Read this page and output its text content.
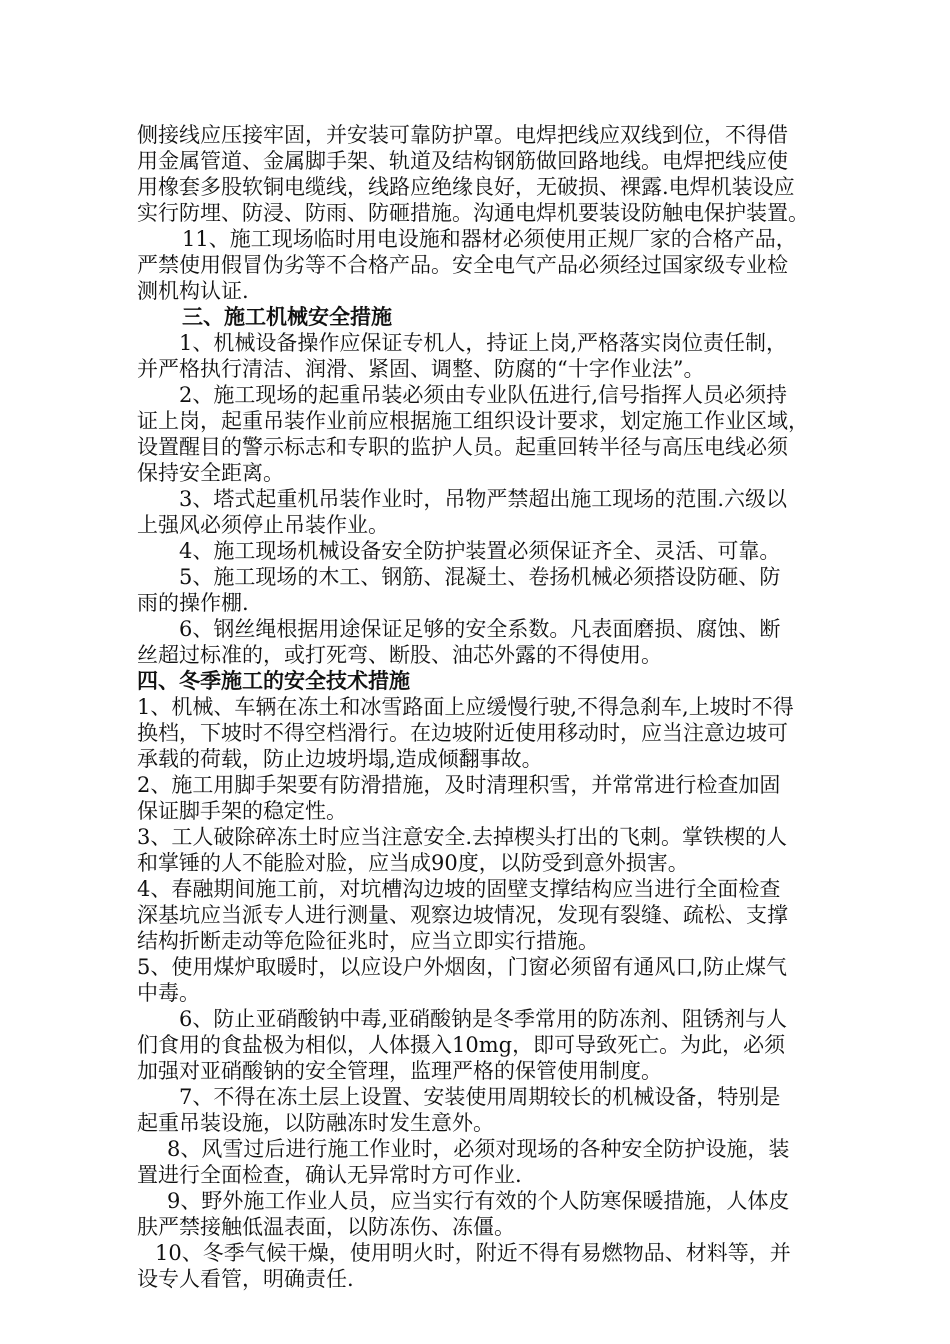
侧接线应压接牢固，并安装可靠防护罩。电焊把线应双线到位，不得借
用金属管道、金属脚手架、轨道及结构钢筋做回路地线。电焊把线应使
用橡套多股软铜电缆线，线路应绝缘良好，无破损、裸露.电焊机装设应
实行防埋、防浸、防雨、防砸措施。沟通电焊机要装设防触电保护装置。
11、施工现场临时用电设施和器材必须使用正规厂家的合格产品，
严禁使用假冒伪劣等不合格产品。安全电气产品必须经过国家级专业检
测机构认证.
三、施工机械安全措施
1、机械设备操作应保证专机人，持证上岗,严格落实岗位责任制，
并严格执行清洁、润滑、紧固、调整、防腐的“十字作业法”。
2、施工现场的起重吊装必须由专业队伍进行,信号指挥人员必须持
证上岗，起重吊装作业前应根据施工组织设计要求，划定施工作业区域，
设置醒目的警示标志和专职的监护人员。起重回转半径与高压电线必须
保持安全距离。
3、塔式起重机吊装作业时，吊物严禁超出施工现场的范围.六级以
上强风必须停止吊装作业。
4、施工现场机械设备安全防护装置必须保证齐全、灵活、可靠。
5、施工现场的木工、钢筋、混凝土、卷扬机械必须搭设防砸、防
雨的操作棚.
6、钢丝绳根据用途保证足够的安全系数。凡表面磨损、腐蚀、断
丝超过标准的，或打死弯、断股、油芯外露的不得使用。
四、冬季施工的安全技术措施
1、机械、车辆在冻土和冰雪路面上应缓慢行驶,不得急刹车,上坡时不得
换档，下坡时不得空档滑行。在边坡附近使用移动时，应当注意边坡可
承载的荷载，防止边坡坍塌,造成倾翻事故。
2、施工用脚手架要有防滑措施，及时清理积雪，并常常进行检查加固
保证脚手架的稳定性。
3、工人破除碎冻土时应当注意安全.去掉楔头打出的飞刺。掌铁楔的人
和掌锤的人不能脸对脸，应当成90度，以防受到意外损害。
4、春融期间施工前，对坑槽沟边坡的固壁支撑结构应当进行全面检查
深基坑应当派专人进行测量、观察边坡情况，发现有裂缝、疏松、支撑
结构折断走动等危险征兆时，应当立即实行措施。
5、使用煤炉取暖时，以应设户外烟囱，门窗必须留有通风口,防止煤气
中毒。
6、防止亚硝酸钠中毒,亚硝酸钠是冬季常用的防冻剂、阻锈剂与人
们食用的食盐极为相似，人体摄入10mg，即可导致死亡。为此，必须
加强对亚硝酸钠的安全管理，监理严格的保管使用制度。
7、不得在冻土层上设置、安装使用周期较长的机械设备，特别是
起重吊装设施，以防融冻时发生意外。
8、风雪过后进行施工作业时，必须对现场的各种安全防护设施，装
置进行全面检查，确认无异常时方可作业.
9、野外施工作业人员，应当实行有效的个人防寒保暖措施，人体皮
肤严禁接触低温表面，以防冻伤、冻僵。
10、冬季气候干燥，使用明火时，附近不得有易燃物品、材料等，并
设专人看管，明确责任.
